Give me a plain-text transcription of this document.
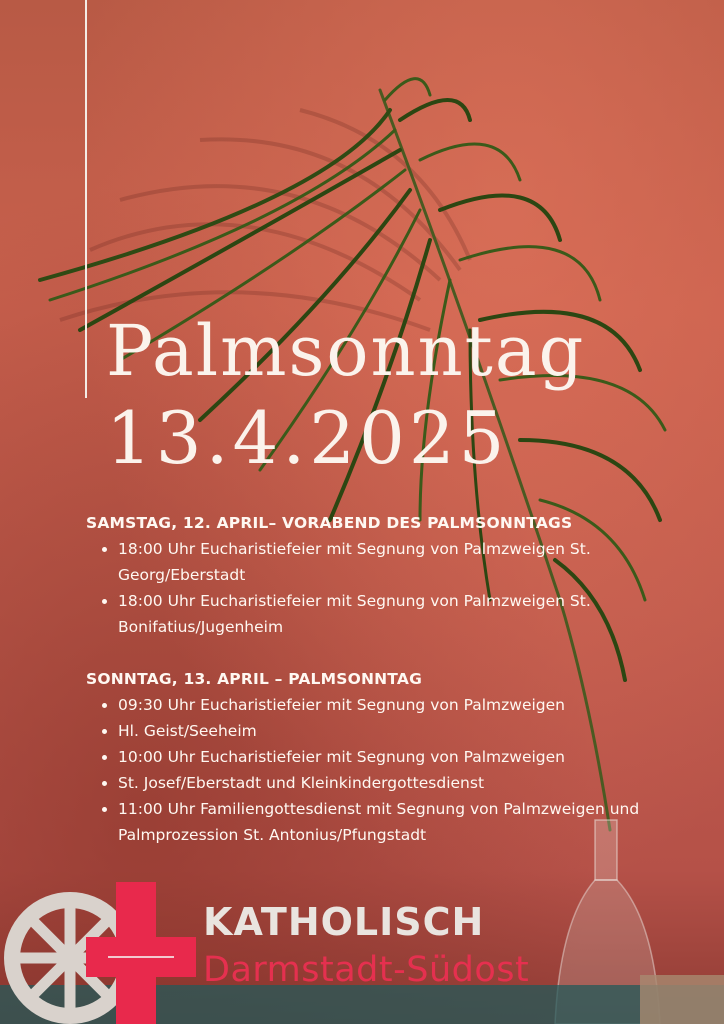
Palmsonntag
13.4.2025
SAMSTAG, 12. APRIL– VORABEND DES PALMSONNTAGS
• 18:00 Uhr Eucharistiefeier mit Segnung von Palmzweigen St. Georg/Eberstadt
• 18:00 Uhr Eucharistiefeier mit Segnung von Palmzweigen St. Bonifatius/Jugenheim
SONNTAG, 13. APRIL – PALMSONNTAG
• 09:30 Uhr Eucharistiefeier mit Segnung von Palmzweigen
• Hl. Geist/Seeheim
• 10:00 Uhr Eucharistiefeier mit Segnung von Palmzweigen
• St. Josef/Eberstadt und Kleinkindergottesdienst
• 11:00 Uhr Familiengottesdienst mit Segnung von Palmzweigen und Palmprozession St. Antonius/Pfungstadt
KATHOLISCH
Darmstadt-Südost
